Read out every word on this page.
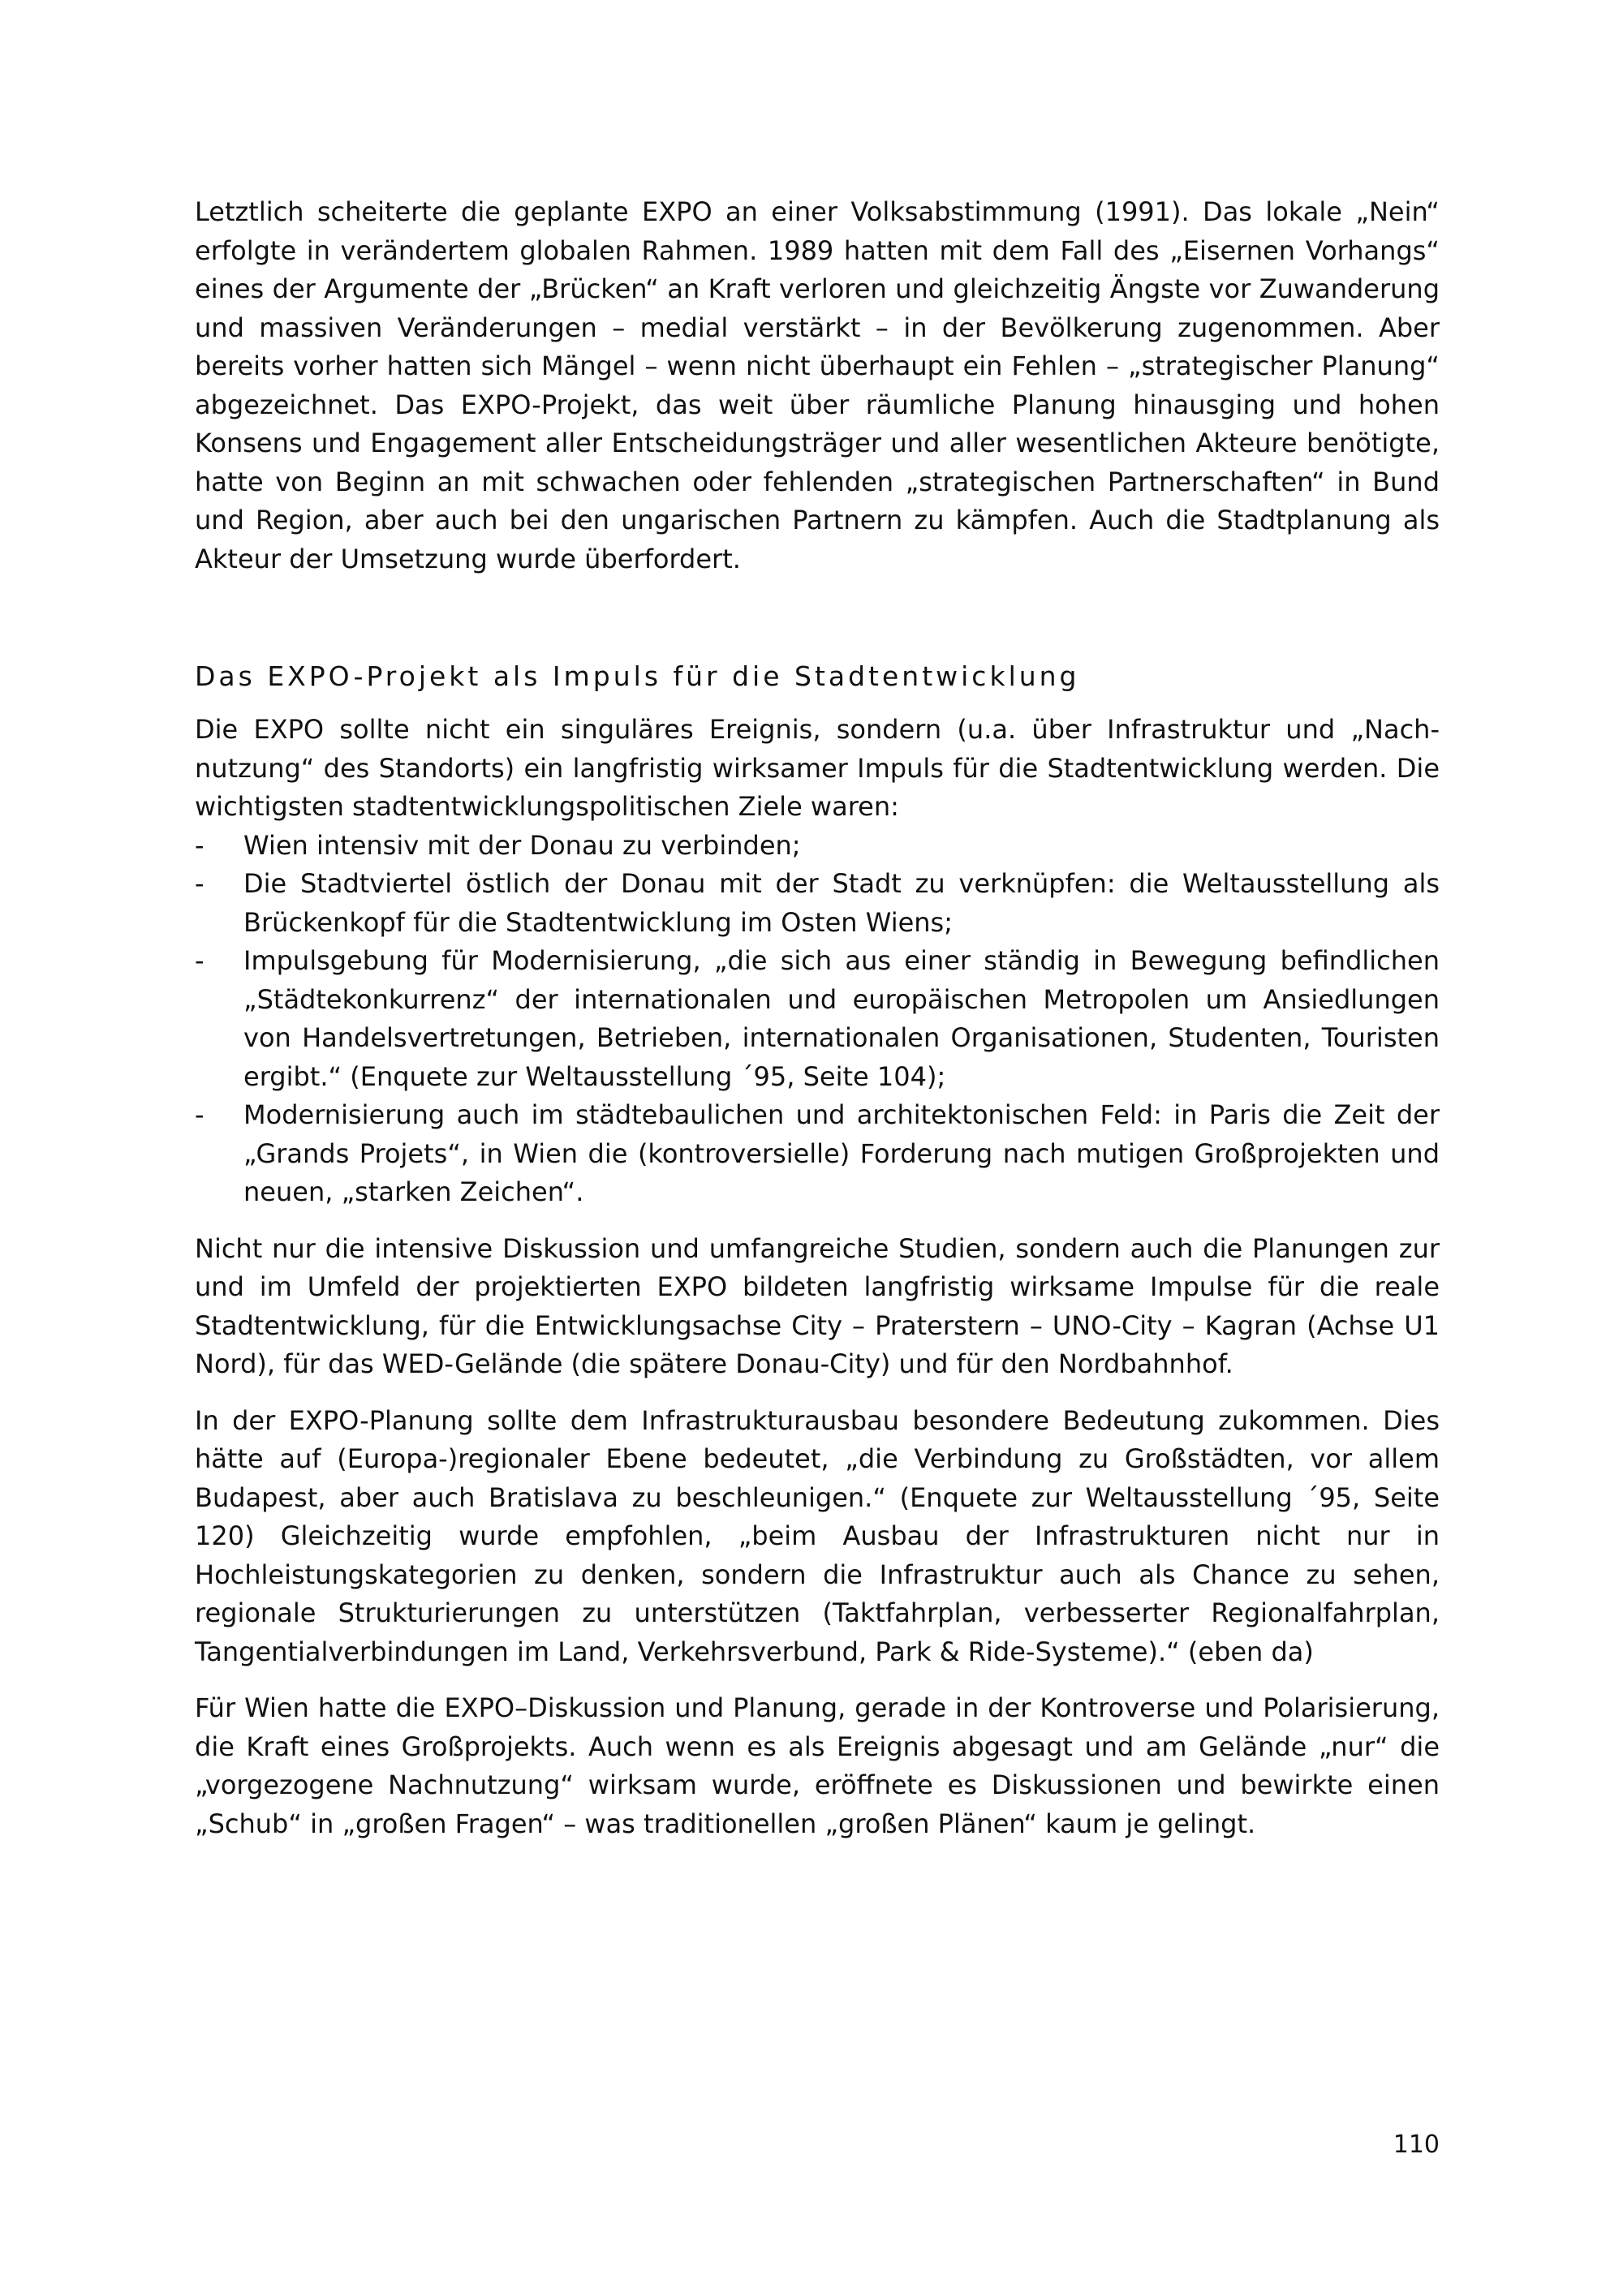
Letztlich scheiterte die geplante EXPO an einer Volksabstimmung (1991). Das lokale „Nein“ erfolgte in verändertem globalen Rahmen. 1989 hatten mit dem Fall des „Eisernen Vorhangs“ eines der Argumente der „Brücken“ an Kraft verloren und gleichzeitig Ängste vor Zuwanderung und massiven Veränderungen – medial verstärkt – in der Bevölkerung zugenommen. Aber bereits vorher hatten sich Mängel – wenn nicht überhaupt ein Fehlen – „strategischer Planung“ abgezeichnet. Das EXPO-Projekt, das weit über räumliche Planung hinausging und hohen Konsens und Engagement aller Entscheidungsträger und aller wesentlichen Akteure benötigte, hatte von Beginn an mit schwachen oder fehlenden „strategischen Partnerschaften“ in Bund und Region, aber auch bei den ungarischen Partnern zu kämpfen. Auch die Stadtplanung als Akteur der Umsetzung wurde überfordert.

Das EXPO-Projekt als Impuls für die Stadtentwicklung

Die EXPO sollte nicht ein singuläres Ereignis, sondern (u.a. über Infrastruktur und „Nachnutzung“ des Standorts) ein langfristig wirksamer Impuls für die Stadtentwicklung werden. Die wichtigsten stadtentwicklungspolitischen Ziele waren:

- Wien intensiv mit der Donau zu verbinden;
- Die Stadtviertel östlich der Donau mit der Stadt zu verknüpfen: die Weltausstellung als Brückenkopf für die Stadtentwicklung im Osten Wiens;
- Impulsgebung für Modernisierung, „die sich aus einer ständig in Bewegung befindlichen „Städtekonkurrenz“ der internationalen und europäischen Metropolen um Ansiedlungen von Handelsvertretungen, Betrieben, internationalen Organisationen, Studenten, Touristen ergibt.“ (Enquete zur Weltausstellung ´95, Seite 104);
- Modernisierung auch im städtebaulichen und architektonischen Feld: in Paris die Zeit der „Grands Projets“, in Wien die (kontroversielle) Forderung nach mutigen Großprojekten und neuen, „starken Zeichen“.

Nicht nur die intensive Diskussion und umfangreiche Studien, sondern auch die Planungen zur und im Umfeld der projektierten EXPO bildeten langfristig wirksame Impulse für die reale Stadtentwicklung, für die Entwicklungsachse City – Praterstern – UNO-City – Kagran (Achse U1 Nord), für das WED-Gelände (die spätere Donau-City) und für den Nordbahnhof.

In der EXPO-Planung sollte dem Infrastrukturausbau besondere Bedeutung zukommen. Dies hätte auf (Europa-)regionaler Ebene bedeutet, „die Verbindung zu Großstädten, vor allem Budapest, aber auch Bratislava zu beschleunigen.“ (Enquete zur Weltausstellung ´95, Seite 120) Gleichzeitig wurde empfohlen, „beim Ausbau der Infrastrukturen nicht nur in Hochleistungskategorien zu denken, sondern die Infrastruktur auch als Chance zu sehen, regionale Strukturierungen zu unterstützen (Taktfahrplan, verbesserter Regionalfahrplan, Tangentialverbindungen im Land, Verkehrsverbund, Park & Ride-Systeme).“ (eben da)

Für Wien hatte die EXPO–Diskussion und Planung, gerade in der Kontroverse und Polarisierung, die Kraft eines Großprojekts. Auch wenn es als Ereignis abgesagt und am Gelände „nur“ die „vorgezogene Nachnutzung“ wirksam wurde, eröffnete es Diskussionen und bewirkte einen „Schub“ in „großen Fragen“ – was traditionellen „großen Plänen“ kaum je gelingt.

110
